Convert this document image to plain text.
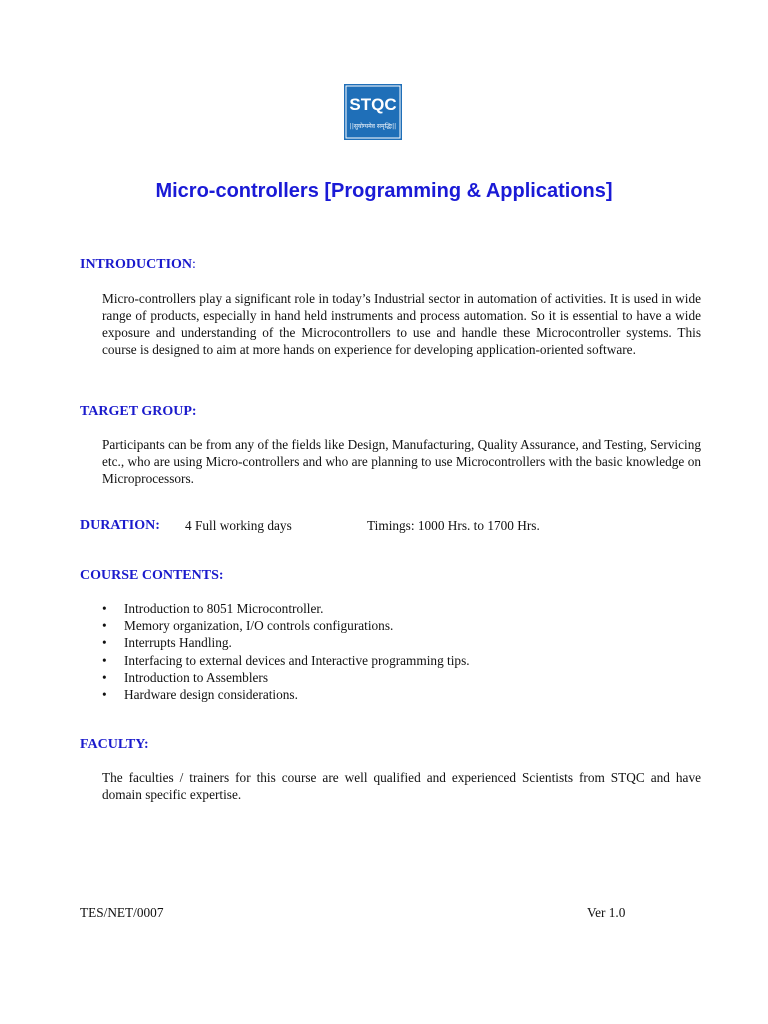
STQC
||सुयोग्यमेव समृद्धिः||
Micro-controllers [Programming & Applications]
INTRODUCTION:

Micro-controllers play a significant role in today’s Industrial sector in automation of activities. It is used in wide range of products, especially in hand held instruments and process automation. So it is essential to have a wide exposure and understanding of the Microcontrollers to use and handle these Microcontroller systems. This course is designed to aim at more hands on experience for developing application-oriented software.

TARGET GROUP:

Participants can be from any of the fields like Design, Manufacturing, Quality Assurance, and Testing, Servicing etc., who are using Micro-controllers and who are planning to use Microcontrollers with the basic knowledge on Microprocessors.

DURATION: 4 Full working days	Timings: 1000 Hrs. to 1700 Hrs.
COURSE CONTENTS:
• Introduction to 8051 Microcontroller.
• Memory organization, I/O controls configurations.
• Interrupts Handling.
• Interfacing to external devices and Interactive programming tips.
• Introduction to Assemblers
• Hardware design considerations.
FACULTY:

The faculties / trainers for this course are well qualified and experienced Scientists from STQC and have domain specific expertise.

TES/NET/0007	Ver 1.0
